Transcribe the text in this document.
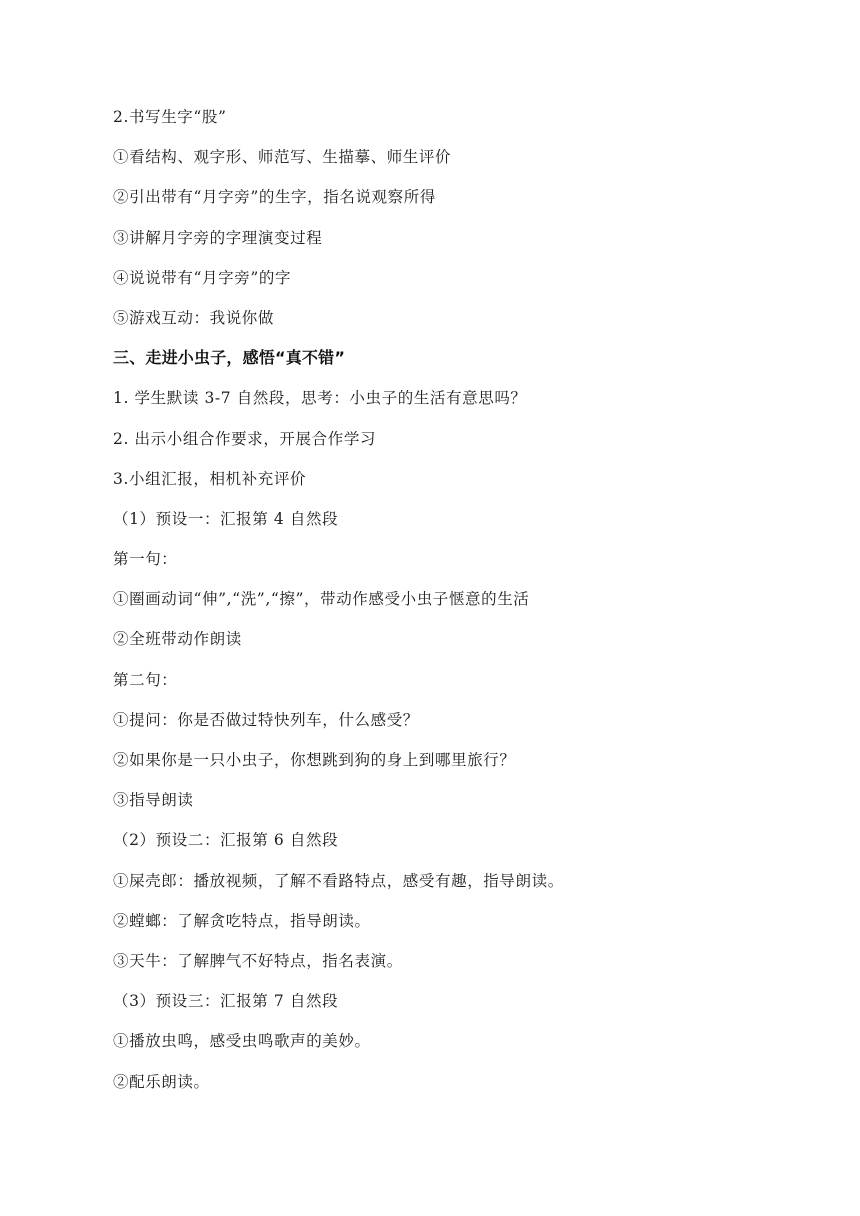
2.书写生字“股”
①看结构、观字形、师范写、生描摹、师生评价
②引出带有“月字旁”的生字，指名说观察所得
③讲解月字旁的字理演变过程
④说说带有“月字旁”的字
⑤游戏互动：我说你做
三、走进小虫子，感悟“真不错”
1. 学生默读 3-7 自然段，思考：小虫子的生活有意思吗？
2. 出示小组合作要求，开展合作学习
3.小组汇报，相机补充评价
（1）预设一：汇报第 4 自然段
第一句：
①圈画动词“伸”,“洗”,“擦”，带动作感受小虫子惬意的生活
②全班带动作朗读
第二句：
①提问：你是否做过特快列车，什么感受？
②如果你是一只小虫子，你想跳到狗的身上到哪里旅行？
③指导朗读
（2）预设二：汇报第 6 自然段
①屎壳郎：播放视频，了解不看路特点，感受有趣，指导朗读。
②螳螂：了解贪吃特点，指导朗读。
③天牛：了解脾气不好特点，指名表演。
（3）预设三：汇报第 7 自然段
①播放虫鸣，感受虫鸣歌声的美妙。
②配乐朗读。
